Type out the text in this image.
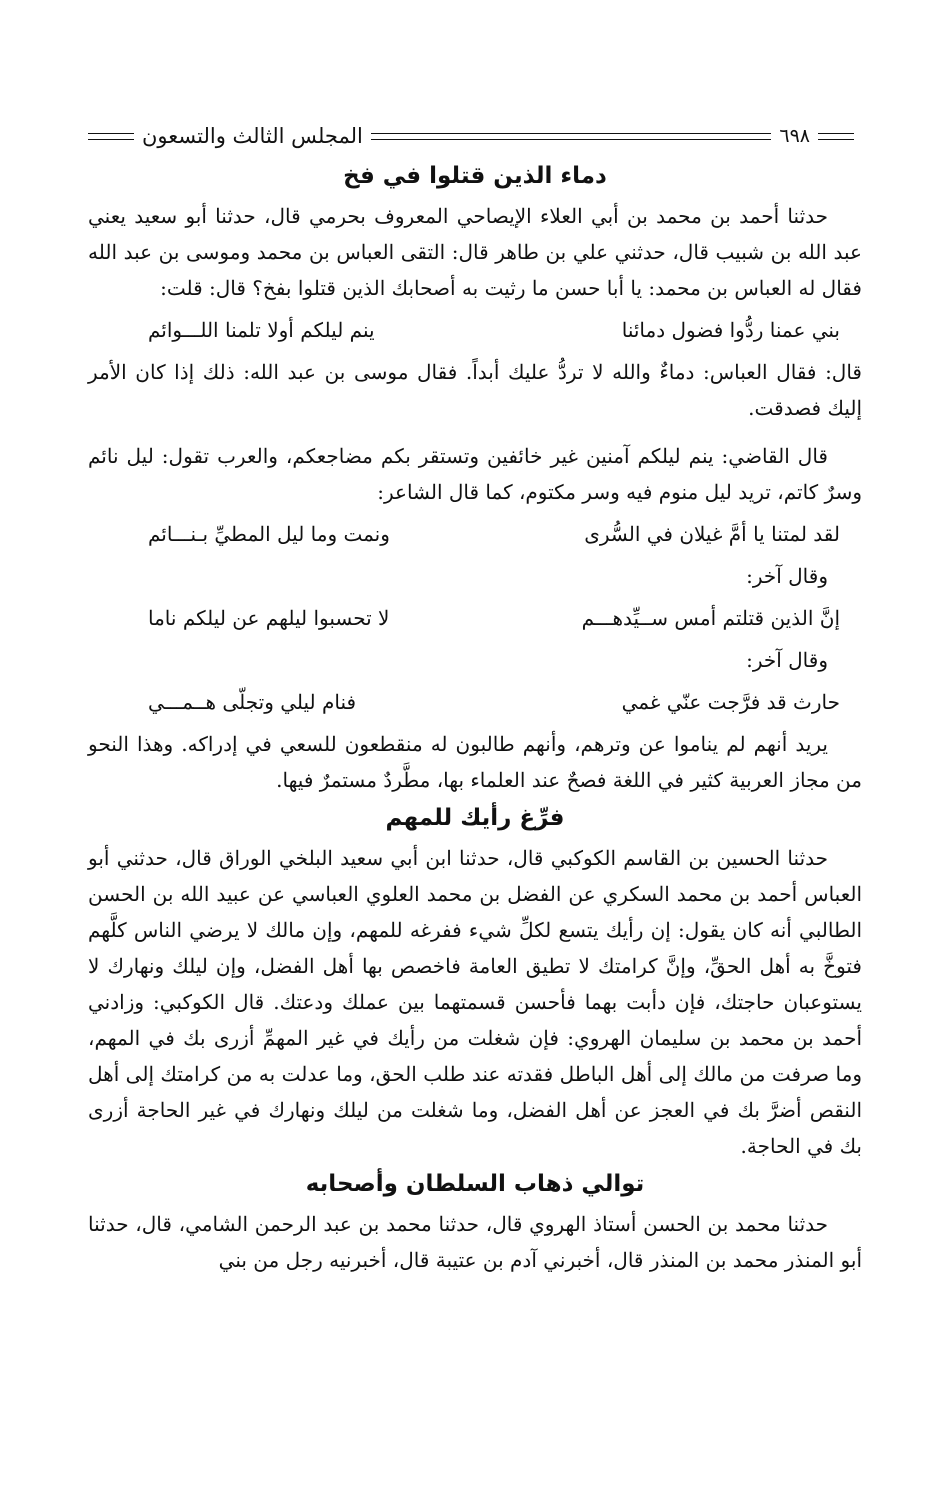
٦٩٨
المجلس الثالث والتسعون
دماء الذين قتلوا في فخ

حدثنا أحمد بن محمد بن أبي العلاء الإيصاحي المعروف بحرمي قال، حدثنا أبو سعيد يعني عبد الله بن شبيب قال، حدثني علي بن طاهر قال: التقى العباس بن محمد وموسى بن عبد الله فقال له العباس بن محمد: يا أبا حسن ما رثيت به أصحابك الذين قتلوا بفخ؟ قال: قلت:

بني عمنا ردُّوا فضول دمائنا
ينم ليلكم أولا تلمنا اللـــوائم

قال: فقال العباس: دماءٌ والله لا تردُّ عليك أبداً. فقال موسى بن عبد الله: ذلك إذا كان الأمر إليك فصدقت.

قال القاضي: ينم ليلكم آمنين غير خائفين وتستقر بكم مضاجعكم، والعرب تقول: ليل نائم وسرٌ كاتم، تريد ليل منوم فيه وسر مكتوم، كما قال الشاعر:

لقد لمتنا يا أمَّ غيلان في السُّرى
ونمت وما ليل المطيِّ بـنـــائم
وقال آخر:
إنَّ الذين قتلتم أمس ســيِّدهـــم
لا تحسبوا ليلهم عن ليلكم ناما
وقال آخر:
حارث قد فرَّجت عنّي غمي
فنام ليلي وتجلّى هــمـــي

يريد أنهم لم يناموا عن وترهم، وأنهم طالبون له منقطعون للسعي في إدراكه. وهذا النحو من مجاز العربية كثير في اللغة فصحٌ عند العلماء بها، مطَّردٌ مستمرٌ فيها.

فرِّغ رأيك للمهم

حدثنا الحسين بن القاسم الكوكبي قال، حدثنا ابن أبي سعيد البلخي الوراق قال، حدثني أبو العباس أحمد بن محمد السكري عن الفضل بن محمد العلوي العباسي عن عبيد الله بن الحسن الطالبي أنه كان يقول: إن رأيك يتسع لكلِّ شيء ففرغه للمهم، وإن مالك لا يرضي الناس كلَّهم فتوخَّ به أهل الحقِّ، وإنَّ كرامتك لا تطيق العامة فاخصص بها أهل الفضل، وإن ليلك ونهارك لا يستوعبان حاجتك، فإن دأبت بهما فأحسن قسمتهما بين عملك ودعتك. قال الكوكبي: وزادني أحمد بن محمد بن سليمان الهروي: فإن شغلت من رأيك في غير المهمِّ أزرى بك في المهم، وما صرفت من مالك إلى أهل الباطل فقدته عند طلب الحق، وما عدلت به من كرامتك إلى أهل النقص أضرَّ بك في العجز عن أهل الفضل، وما شغلت من ليلك ونهارك في غير الحاجة أزرى بك في الحاجة.

توالي ذهاب السلطان وأصحابه

حدثنا محمد بن الحسن أستاذ الهروي قال، حدثنا محمد بن عبد الرحمن الشامي، قال، حدثنا أبو المنذر محمد بن المنذر قال، أخبرني آدم بن عتيبة قال، أخبرنيه رجل من بني
